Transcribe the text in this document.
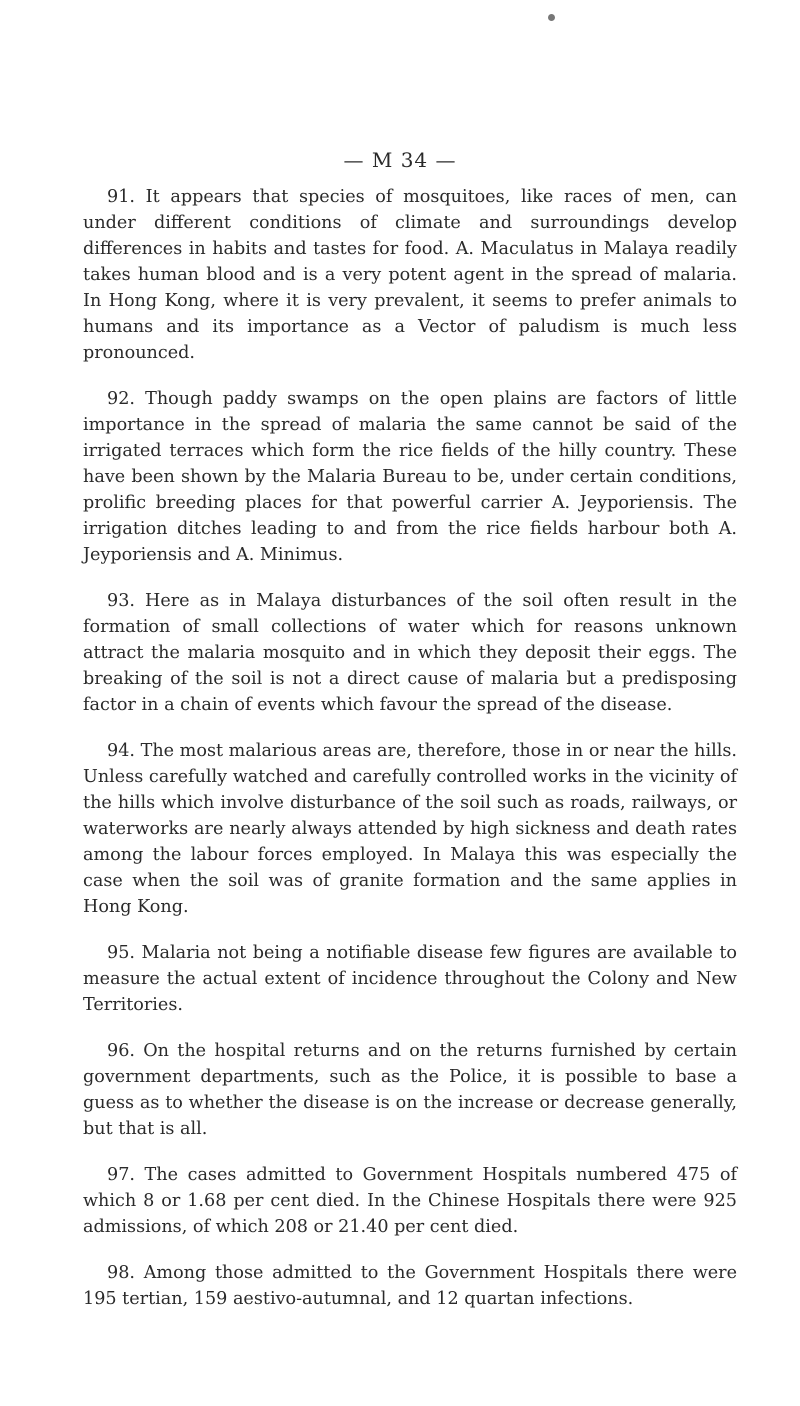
— M 34 —

91. It appears that species of mosquitoes, like races of men, can under different conditions of climate and surroundings develop differences in habits and tastes for food. A. Maculatus in Malaya readily takes human blood and is a very potent agent in the spread of malaria. In Hong Kong, where it is very prevalent, it seems to prefer animals to humans and its importance as a Vector of paludism is much less pronounced.

92. Though paddy swamps on the open plains are factors of little importance in the spread of malaria the same cannot be said of the irrigated terraces which form the rice fields of the hilly country. These have been shown by the Malaria Bureau to be, under certain conditions, prolific breeding places for that powerful carrier A. Jeyporiensis. The irrigation ditches leading to and from the rice fields harbour both A. Jeyporiensis and A. Minimus.

93. Here as in Malaya disturbances of the soil often result in the formation of small collections of water which for reasons unknown attract the malaria mosquito and in which they deposit their eggs. The breaking of the soil is not a direct cause of malaria but a predisposing factor in a chain of events which favour the spread of the disease.

94. The most malarious areas are, therefore, those in or near the hills. Unless carefully watched and carefully controlled works in the vicinity of the hills which involve disturbance of the soil such as roads, railways, or waterworks are nearly always attended by high sickness and death rates among the labour forces employed. In Malaya this was especially the case when the soil was of granite formation and the same applies in Hong Kong.

95. Malaria not being a notifiable disease few figures are available to measure the actual extent of incidence throughout the Colony and New Territories.

96. On the hospital returns and on the returns furnished by certain government departments, such as the Police, it is possible to base a guess as to whether the disease is on the increase or decrease generally, but that is all.

97. The cases admitted to Government Hospitals numbered 475 of which 8 or 1.68 per cent died. In the Chinese Hospitals there were 925 admissions, of which 208 or 21.40 per cent died.

98. Among those admitted to the Government Hospitals there were 195 tertian, 159 aestivo-autumnal, and 12 quartan infections.
